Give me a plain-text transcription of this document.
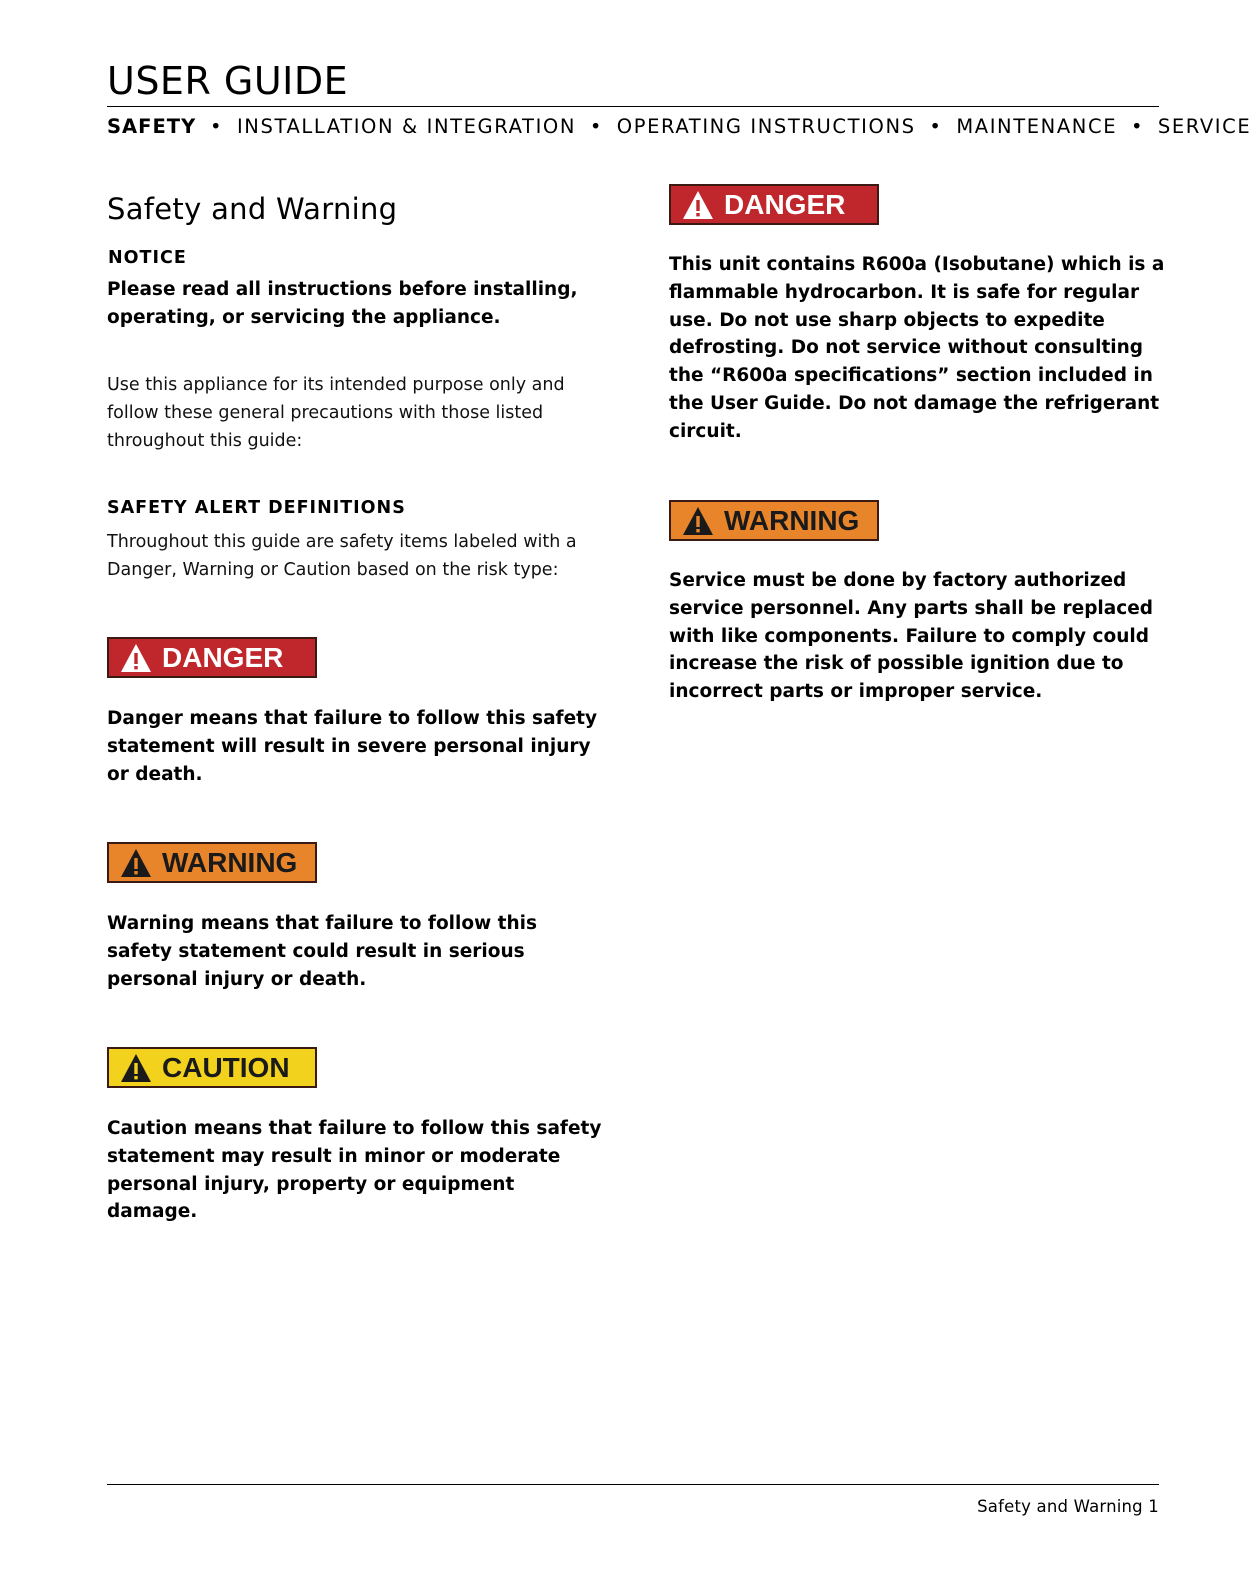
USER GUIDE
SAFETY • INSTALLATION & INTEGRATION • OPERATING INSTRUCTIONS • MAINTENANCE • SERVICE
Safety and Warning
NOTICE
Please read all instructions before installing, operating, or servicing the appliance.
Use this appliance for its intended purpose only and follow these general precautions with those listed throughout this guide:
SAFETY ALERT DEFINITIONS
Throughout this guide are safety items labeled with a Danger, Warning or Caution based on the risk type:
DANGER
Danger means that failure to follow this safety statement will result in severe personal injury or death.
WARNING
Warning means that failure to follow this safety statement could result in serious personal injury or death.
CAUTION
Caution means that failure to follow this safety statement may result in minor or moderate personal injury, property or equipment damage.
DANGER
This unit contains R600a (Isobutane) which is a flammable hydrocarbon. It is safe for regular use. Do not use sharp objects to expedite defrosting. Do not service without consulting the “R600a specifications” section included in the User Guide. Do not damage the refrigerant circuit.
WARNING
Service must be done by factory authorized service personnel. Any parts shall be replaced with like components. Failure to comply could increase the risk of possible ignition due to incorrect parts or improper service.
Safety and Warning 1
